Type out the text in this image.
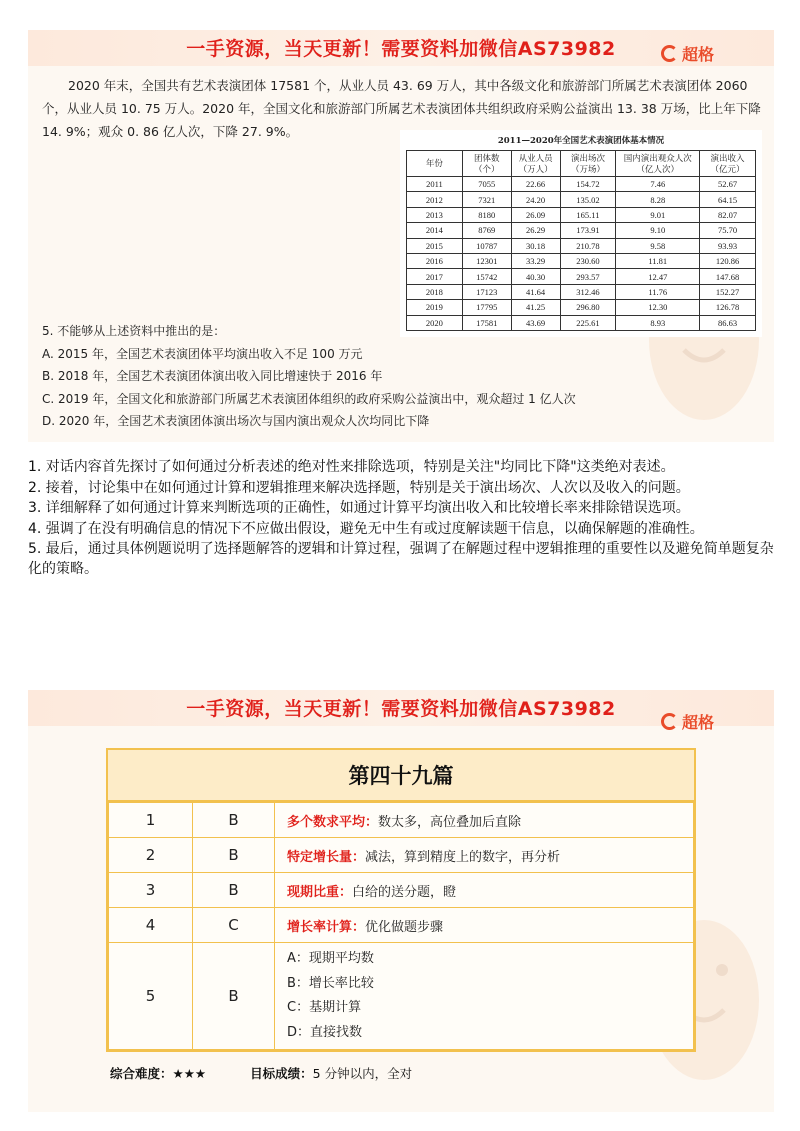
一手资源，当天更新！需要资料加微信AS73982	超格

2020 年末，全国共有艺术表演团体 17581 个，从业人员 43. 69 万人，其中各级文化和旅游部门所属艺术表演团体 2060 个，从业人员 10. 75 万人。2020 年，全国文化和旅游部门所属艺术表演团体共组织政府采购公益演出 13. 38 万场，比上年下降 14. 9%；观众 0. 86 亿人次，下降 27. 9%。

2011—2020年全国艺术表演团体基本情况
年份	团体数（个）	从业人员（万人）	演出场次（万场）	国内演出观众人次（亿人次）	演出收入（亿元）
2011	7055	22.66	154.72	7.46	52.67
2012	7321	24.20	135.02	8.28	64.15
2013	8180	26.09	165.11	9.01	82.07
2014	8769	26.29	173.91	9.10	75.70
2015	10787	30.18	210.78	9.58	93.93
2016	12301	33.29	230.60	11.81	120.86
2017	15742	40.30	293.57	12.47	147.68
2018	17123	41.64	312.46	11.76	152.27
2019	17795	41.25	296.80	12.30	126.78
2020	17581	43.69	225.61	8.93	86.63
5. 不能够从上述资料中推出的是：
A. 2015 年，全国艺术表演团体平均演出收入不足 100 万元
B. 2018 年，全国艺术表演团体演出收入同比增速快于 2016 年
C. 2019 年，全国文化和旅游部门所属艺术表演团体组织的政府采购公益演出中，观众超过 1 亿人次
D. 2020 年，全国艺术表演团体演出场次与国内演出观众人次均同比下降

1. 对话内容首先探讨了如何通过分析表述的绝对性来排除选项，特别是关注"均同比下降"这类绝对表述。

2. 接着，讨论集中在如何通过计算和逻辑推理来解决选择题，特别是关于演出场次、人次以及收入的问题。

3. 详细解释了如何通过计算来判断选项的正确性，如通过计算平均演出收入和比较增长率来排除错误选项。

4. 强调了在没有明确信息的情况下不应做出假设，避免无中生有或过度解读题干信息，以确保解题的准确性。

5. 最后，通过具体例题说明了选择题解答的逻辑和计算过程，强调了在解题过程中逻辑推理的重要性以及避免简单题复杂化的策略。

一手资源，当天更新！需要资料加微信AS73982
超格
第四十九篇
1	B	多个数求平均：数太多，高位叠加后直除
2	B	特定增长量：减法，算到精度上的数字，再分析
3	B	现期比重：白给的送分题，瞪
4	C	增长率计算：优化做题步骤
5	B	A：现期平均数
B：增长率比较
C：基期计算
D：直接找数
综合难度：★★★	目标成绩：5 分钟以内，全对
